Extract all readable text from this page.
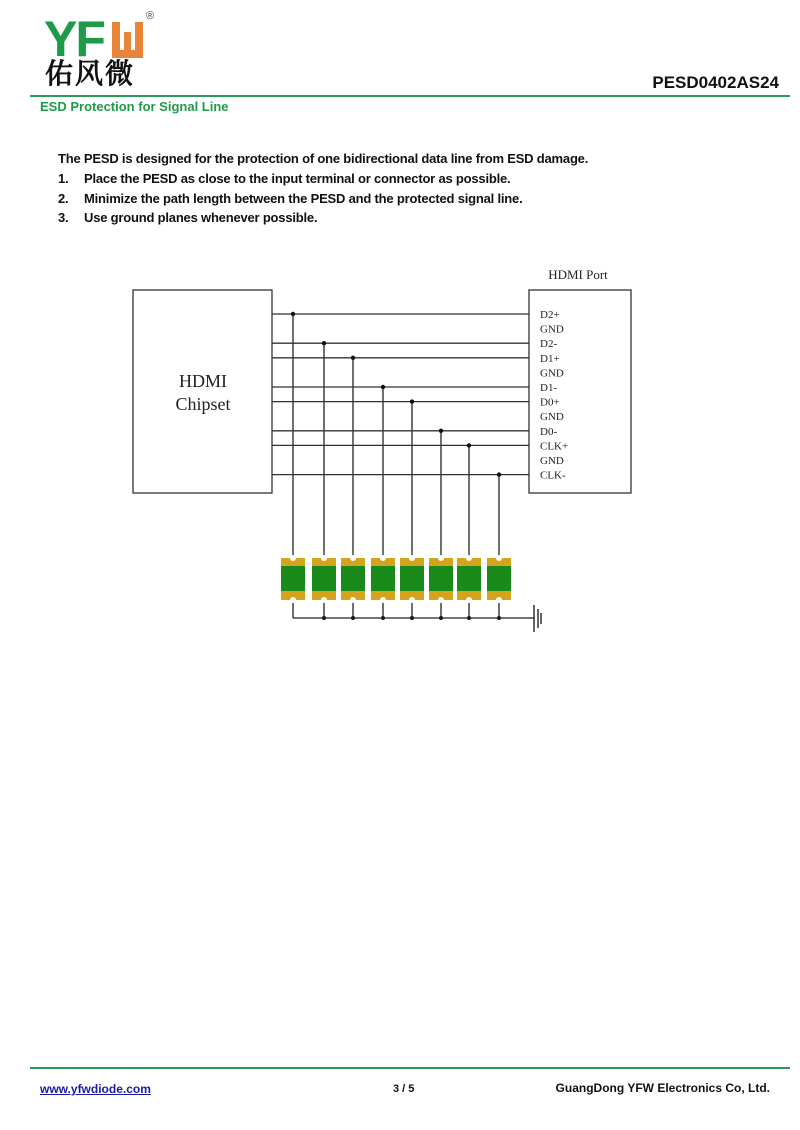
YF	®
佑风微	PESD0402AS24
ESD Protection for Signal Line
The PESD is designed for the protection of one bidirectional data line from ESD damage.
1. Place the PESD as close to the input terminal or connector as possible.
2. Minimize the path length between the PESD and the protected signal line.
3. Use ground planes whenever possible.
HDMI
Chipset
HDMI Port
D2+
GND
D2-
D1+
GND
D1-
D0+
GND
D0-
CLK+
GND
CLK-
www.yfwdiode.com	3 / 5	GuangDong YFW Electronics Co, Ltd.
